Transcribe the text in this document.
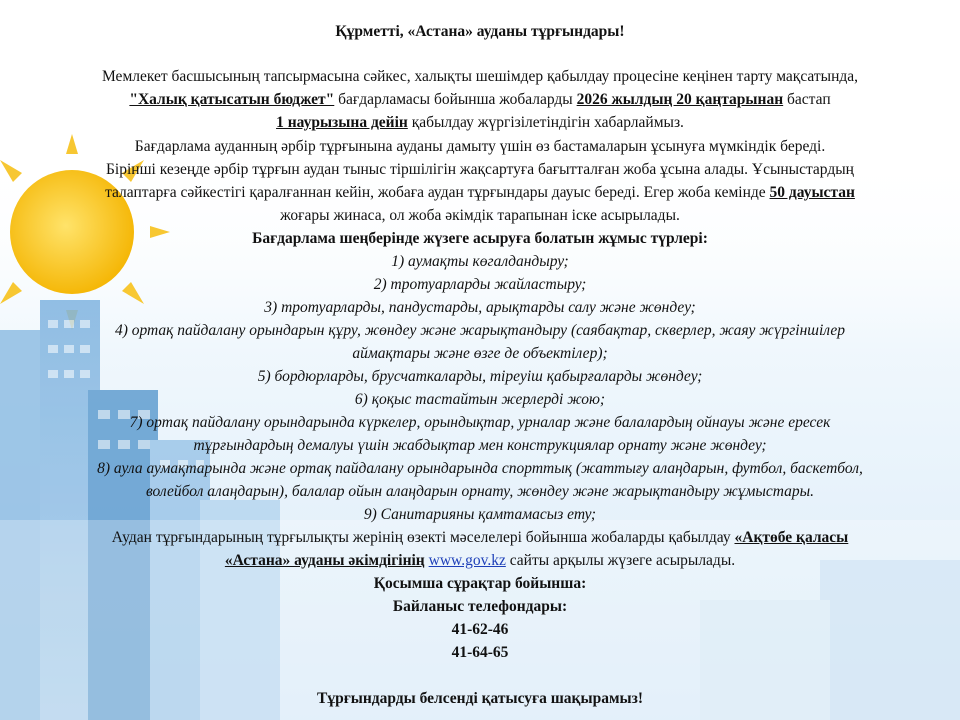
Құрметті, «Астана» ауданы тұрғындары!
Мемлекет басшысының тапсырмасына сәйкес, халықты шешімдер қабылдау процесіне кеңінен тарту мақсатында,
"Халық қатысатын бюджет" бағдарламасы бойынша жобаларды 2026 жылдың 20 қаңтарынан бастап
1 наурызына дейін қабылдау жүргізілетіндігін хабарлаймыз.
Бағдарлама ауданның әрбір тұрғынына ауданы дамыту үшін өз бастамаларын ұсынуға мүмкіндік береді.
Бірінші кезеңде әрбір тұрғын аудан тыныс тіршілігін жақсартуға бағытталған жоба ұсына алады. Ұсыныстардың
талаптарға сәйкестігі қаралғаннан кейін, жобаға аудан тұрғындары дауыс береді. Егер жоба кемінде 50 дауыстан
жоғары жинаса, ол жоба әкімдік тарапынан іске асырылады.
Бағдарлама шеңберінде жүзеге асыруға болатын жұмыс түрлері:
1) аумақты көгалдандыру;
2) тротуарларды жайластыру;
3) тротуарларды, пандустарды, арықтарды салу және жөндеу;
4) ортақ пайдалану орындарын құру, жөндеу және жарықтандыру (саябақтар, скверлер, жаяу жүргіншілер
аймақтары және өзге де объектілер);
5) бордюрларды, брусчаткаларды, тіреуіш қабырғаларды жөндеу;
6) қоқыс тастайтын жерлерді жою;
7) ортақ пайдалану орындарында күркелер, орындықтар, урналар және балалардың ойнауы және ересек
тұрғындардың демалуы үшін жабдықтар мен конструкциялар орнату және жөндеу;
8) аула аумақтарында және ортақ пайдалану орындарында спорттық (жаттығу алаңдарын, футбол, баскетбол,
волейбол алаңдарын), балалар ойын алаңдарын орнату, жөндеу және жарықтандыру жұмыстары.
9) Санитарияны қамтамасыз ету;
Аудан тұрғындарының тұрғылықты жерінің өзекті мәселелері бойынша жобаларды қабылдау «Ақтөбе қаласы
«Астана» ауданы әкімдігінің www.gov.kz сайты арқылы жүзеге асырылады.
Қосымша сұрақтар бойынша:
Байланыс телефондары:
41-62-46
41-64-65
Тұрғындарды белсенді қатысуға шақырамыз!
